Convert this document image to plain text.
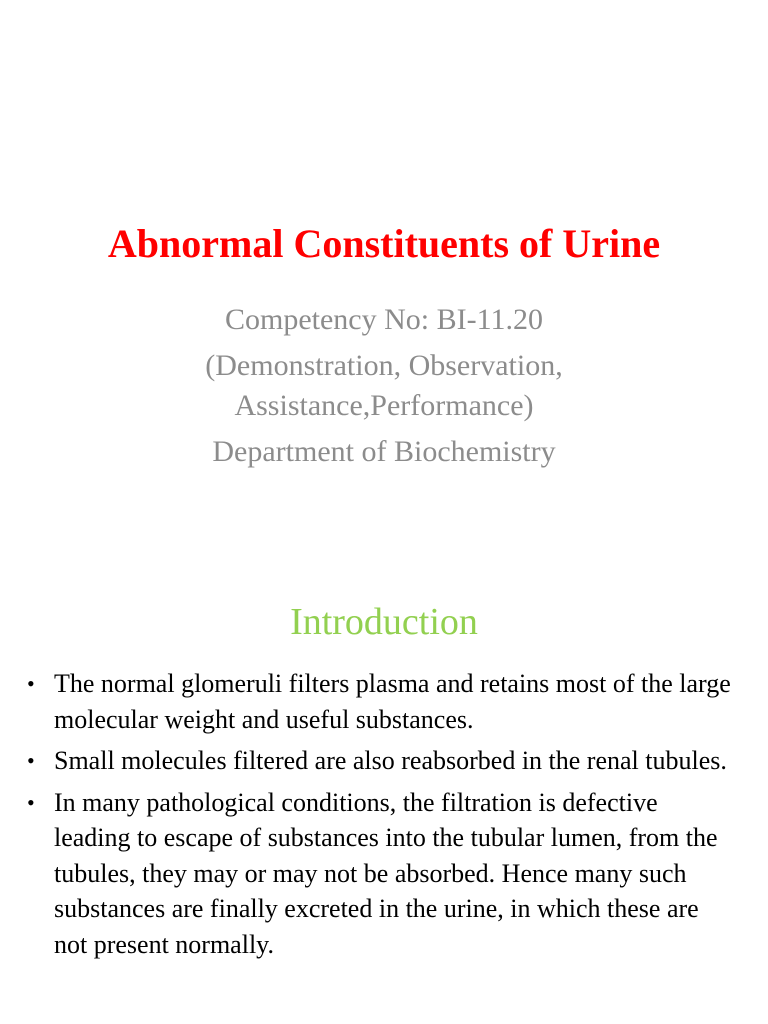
Abnormal Constituents of Urine
Competency No: BI-11.20
(Demonstration, Observation,
Assistance,Performance)
Department of Biochemistry
Introduction
• The normal glomeruli filters plasma and retains most of the large molecular weight and useful substances.
• Small molecules filtered are also reabsorbed in the renal tubules.
• In many pathological conditions, the filtration is defective leading to escape of substances into the tubular lumen, from the tubules, they may or may not be absorbed. Hence many such substances are finally excreted in the urine, in which these are not present normally.
